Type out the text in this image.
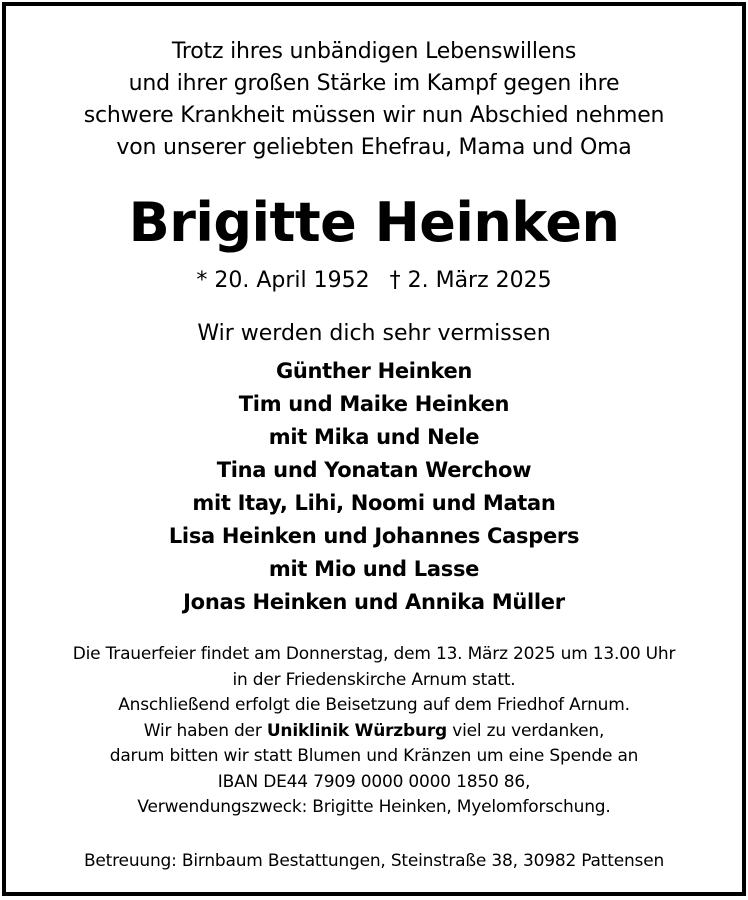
Trotz ihres unbändigen Lebenswillens
und ihrer großen Stärke im Kampf gegen ihre
schwere Krankheit müssen wir nun Abschied nehmen
von unserer geliebten Ehefrau, Mama und Oma
Brigitte Heinken
* 20. April 1952 † 2. März 2025
Wir werden dich sehr vermissen
Günther Heinken
Tim und Maike Heinken
mit Mika und Nele
Tina und Yonatan Werchow
mit Itay, Lihi, Noomi und Matan
Lisa Heinken und Johannes Caspers
mit Mio und Lasse
Jonas Heinken und Annika Müller
Die Trauerfeier findet am Donnerstag, dem 13. März 2025 um 13.00 Uhr
in der Friedenskirche Arnum statt.
Anschließend erfolgt die Beisetzung auf dem Friedhof Arnum.
Wir haben der Uniklinik Würzburg viel zu verdanken,
darum bitten wir statt Blumen und Kränzen um eine Spende an
IBAN DE44 7909 0000 0000 1850 86,
Verwendungszweck: Brigitte Heinken, Myelomforschung.
Betreuung: Birnbaum Bestattungen, Steinstraße 38, 30982 Pattensen
